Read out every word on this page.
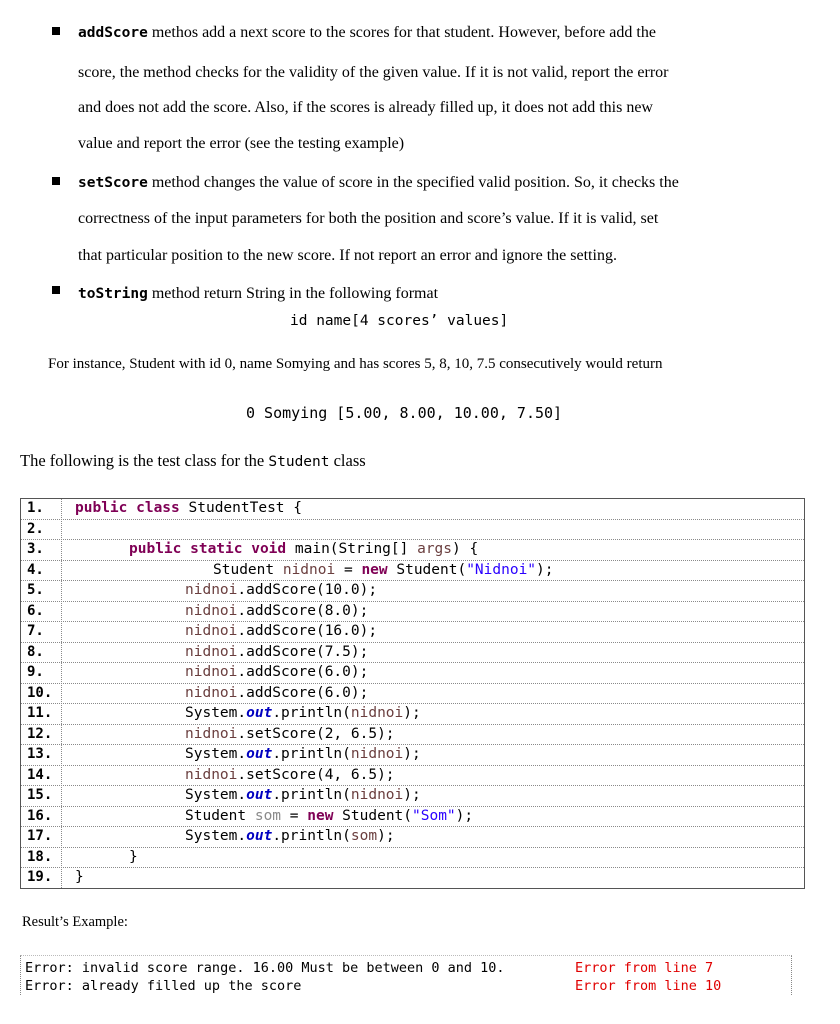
addScore methos add a next score to the scores for that student. However, before add the
score, the method checks for the validity of the given value. If it is not valid, report the error
and does not add the score. Also, if the scores is already filled up, it does not add this new
value and report the error (see the testing example)
setScore method changes the value of score in the specified valid position. So, it checks the
correctness of the input parameters for both the position and score’s value. If it is valid, set
that particular position to the new score. If not report an error and ignore the setting.
toString method return String in the following format
id name[4 scores’ values]
For instance, Student with id 0, name Somying and has scores 5, 8, 10, 7.5 consecutively would return
0 Somying [5.00, 8.00, 10.00, 7.50]
The following is the test class for the Student class
1. public class StudentTest {
2.
3.	public static void main(String[] args) {
4.	Student nidnoi = new Student("Nidnoi");
5.	nidnoi.addScore(10.0);
6.	nidnoi.addScore(8.0);
7.	nidnoi.addScore(16.0);
8.	nidnoi.addScore(7.5);
9.	nidnoi.addScore(6.0);
10.	nidnoi.addScore(6.0);
11.	System.out.println(nidnoi);
12.	nidnoi.setScore(2, 6.5);
13.	System.out.println(nidnoi);
14.	nidnoi.setScore(4, 6.5);
15.	System.out.println(nidnoi);
16.	Student som = new Student("Som");
17.	System.out.println(som);
18.	}
19. }
Result’s Example:
Error: invalid score range. 16.00 Must be between 0 and 10.	Error from line 7
Error: already filled up the score	Error from line 10
